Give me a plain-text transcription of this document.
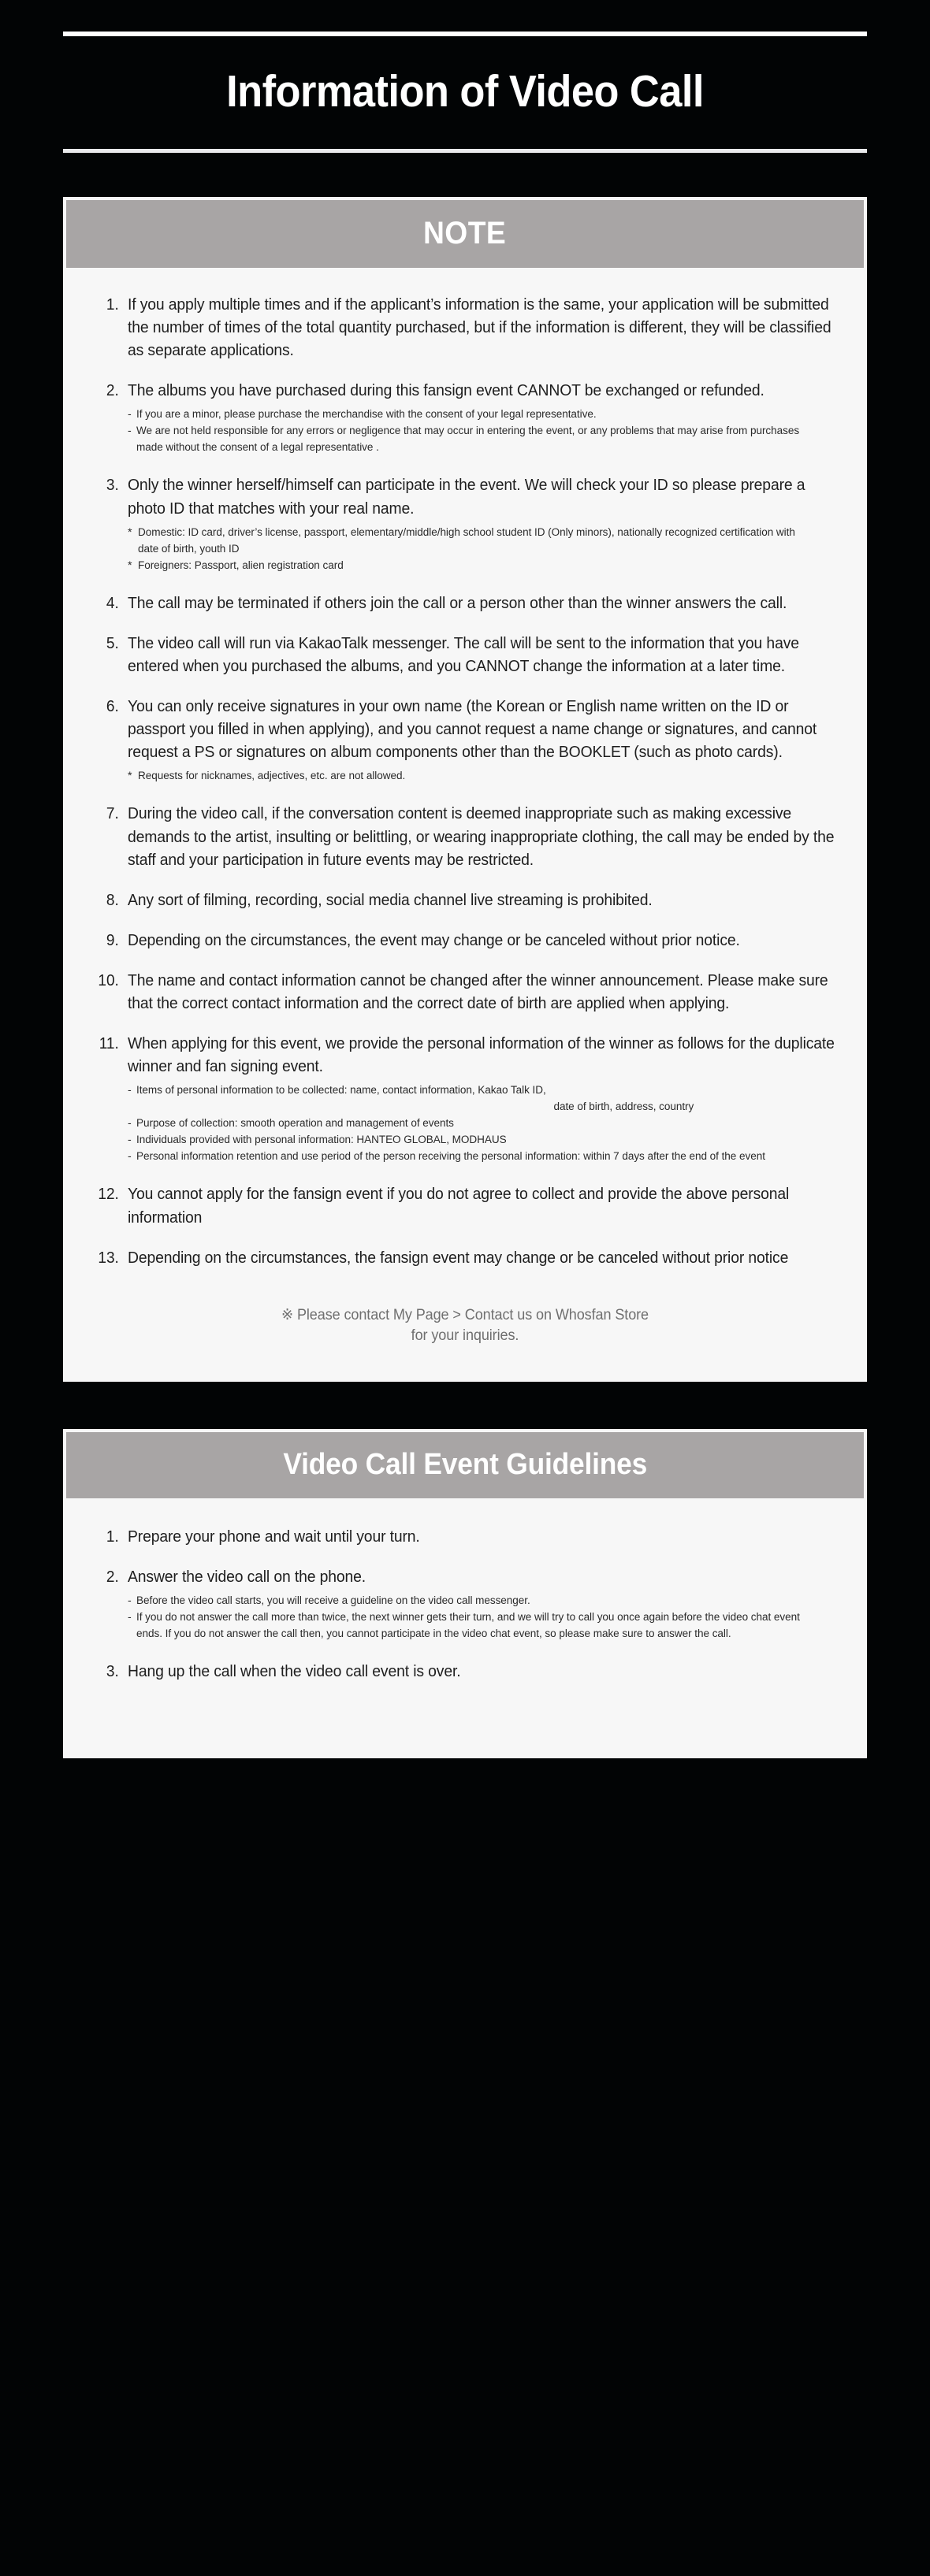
Information of Video Call
NOTE
1. If you apply multiple times and if the applicant’s information is the same, your application will be submitted the number of times of the total quantity purchased, but if the information is different, they will be classified as separate applications.
2. The albums you have purchased during this fansign event CANNOT be exchanged or refunded.
- If you are a minor, please purchase the merchandise with the consent of your legal representative.
- We are not held responsible for any errors or negligence that may occur in entering the event, or any problems that may arise from purchases made without the consent of a legal representative .
3. Only the winner herself/himself can participate in the event. We will check your ID so please prepare a photo ID that matches with your real name.
* Domestic: ID card, driver’s license, passport, elementary/middle/high school student ID (Only minors), nationally recognized certification with date of birth, youth ID
* Foreigners: Passport, alien registration card
4. The call may be terminated if others join the call or a person other than the winner answers the call.
5. The video call will run via KakaoTalk messenger. The call will be sent to the information that you have entered when you purchased the albums, and you CANNOT change the information at a later time.
6. You can only receive signatures in your own name (the Korean or English name written on the ID or passport you filled in when applying), and you cannot request a name change or signatures, and cannot request a PS or signatures on album components other than the BOOKLET (such as photo cards).
* Requests for nicknames, adjectives, etc. are not allowed.
7. During the video call, if the conversation content is deemed inappropriate such as making excessive demands to the artist, insulting or belittling, or wearing inappropriate clothing, the call may be ended by the staff and your participation in future events may be restricted.
8. Any sort of filming, recording, social media channel live streaming is prohibited.
9. Depending on the circumstances, the event may change or be canceled without prior notice.
10. The name and contact information cannot be changed after the winner announcement. Please make sure that the correct contact information and the correct date of birth are applied when applying.
11. When applying for this event, we provide the personal information of the winner as follows for the duplicate winner and fan signing event.
- Items of personal information to be collected: name, contact information, Kakao Talk ID,
date of birth, address, country
- Purpose of collection: smooth operation and management of events
- Individuals provided with personal information: HANTEO GLOBAL, MODHAUS
- Personal information retention and use period of the person receiving the personal information: within 7 days after the end of the event
12. You cannot apply for the fansign event if you do not agree to collect and provide the above personal information
13. Depending on the circumstances, the fansign event may change or be canceled without prior notice
※ Please contact My Page > Contact us on Whosfan Store
for your inquiries.
Video Call Event Guidelines
1. Prepare your phone and wait until your turn.
2. Answer the video call on the phone.
- Before the video call starts, you will receive a guideline on the video call messenger.
- If you do not answer the call more than twice, the next winner gets their turn, and we will try to call you once again before the video chat event ends. If you do not answer the call then, you cannot participate in the video chat event, so please make sure to answer the call.
3. Hang up the call when the video call event is over.
